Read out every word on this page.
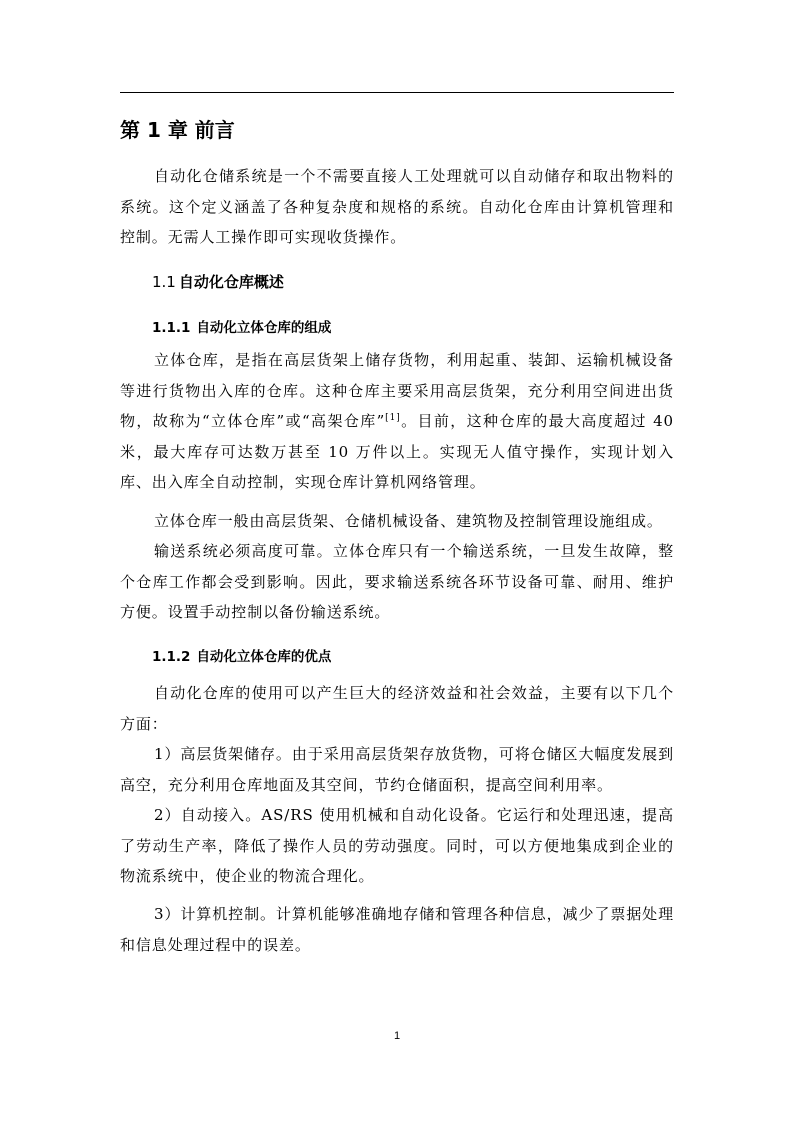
第 1 章 前言

自动化仓储系统是一个不需要直接人工处理就可以自动储存和取出物料的系统。这个定义涵盖了各种复杂度和规格的系统。自动化仓库由计算机管理和控制。无需人工操作即可实现收货操作。

1.1 自动化仓库概述
1.1.1 自动化立体仓库的组成

立体仓库，是指在高层货架上储存货物，利用起重、装卸、运输机械设备等进行货物出入库的仓库。这种仓库主要采用高层货架，充分利用空间进出货物，故称为“立体仓库”或“高架仓库”[1]。目前，这种仓库的最大高度超过 40 米，最大库存可达数万甚至 10 万件以上。实现无人值守操作，实现计划入库、出入库全自动控制，实现仓库计算机网络管理。

立体仓库一般由高层货架、仓储机械设备、建筑物及控制管理设施组成。

输送系统必须高度可靠。立体仓库只有一个输送系统，一旦发生故障，整个仓库工作都会受到影响。因此，要求输送系统各环节设备可靠、耐用、维护方便。设置手动控制以备份输送系统。

1.1.2 自动化立体仓库的优点

自动化仓库的使用可以产生巨大的经济效益和社会效益，主要有以下几个方面：

1）高层货架储存。由于采用高层货架存放货物，可将仓储区大幅度发展到高空，充分利用仓库地面及其空间，节约仓储面积，提高空间利用率。

2）自动接入。AS/RS 使用机械和自动化设备。它运行和处理迅速，提高了劳动生产率，降低了操作人员的劳动强度。同时，可以方便地集成到企业的物流系统中，使企业的物流合理化。

3）计算机控制。计算机能够准确地存储和管理各种信息，减少了票据处理和信息处理过程中的误差。

1
